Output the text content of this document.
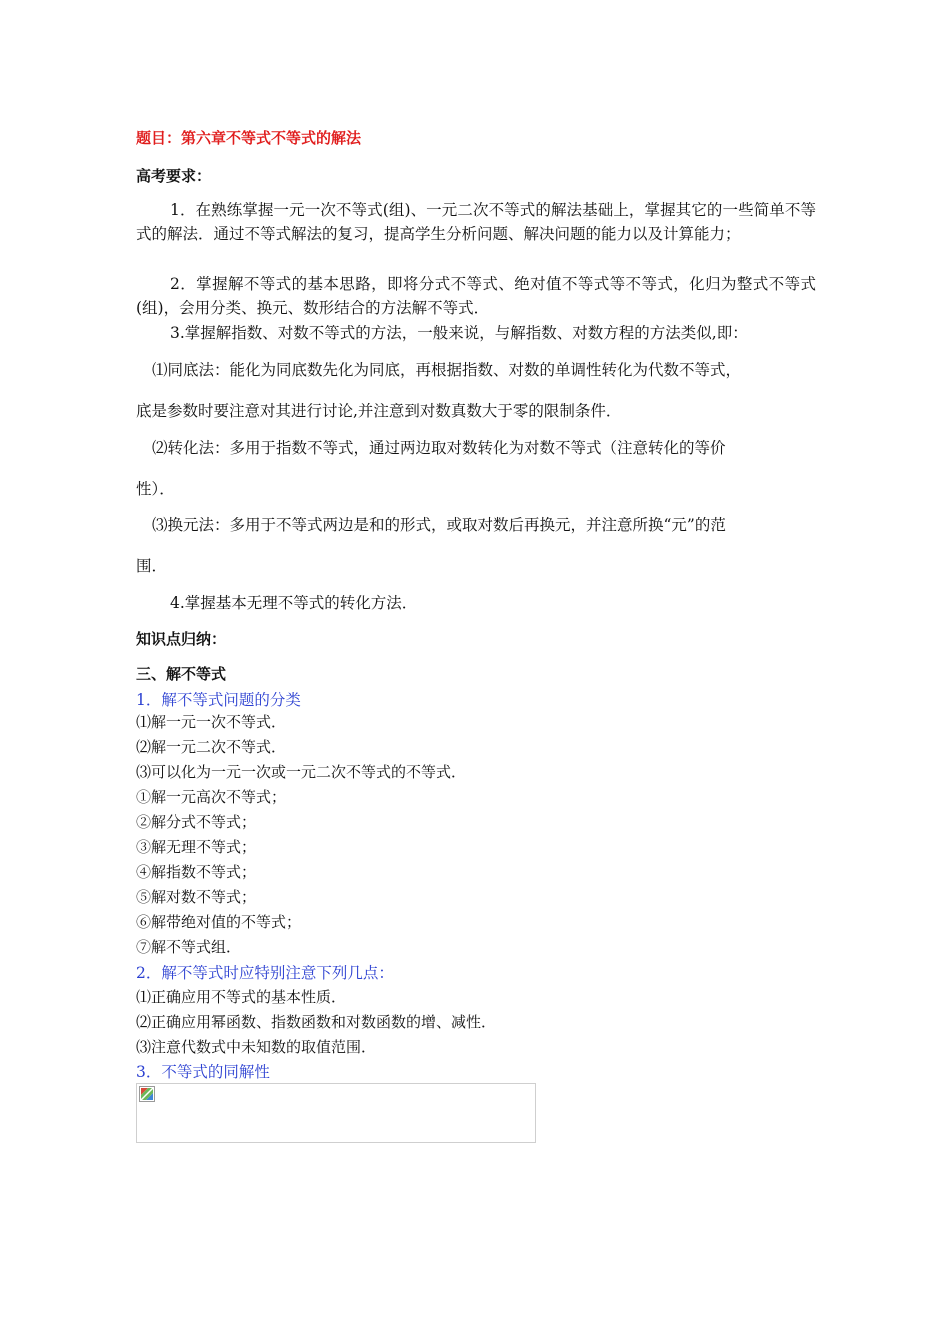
题目：第六章不等式不等式的解法
高考要求：

1．在熟练掌握一元一次不等式(组)、一元二次不等式的解法基础上，掌握其它的一些简单不等式的解法．通过不等式解法的复习，提高学生分析问题、解决问题的能力以及计算能力；

2．掌握解不等式的基本思路，即将分式不等式、绝对值不等式等不等式，化归为整式不等式(组)，会用分类、换元、数形结合的方法解不等式．

3.掌握解指数、对数不等式的方法，一般来说，与解指数、对数方程的方法类似,即：

⑴同底法：能化为同底数先化为同底，再根据指数、对数的单调性转化为代数不等式，
底是参数时要注意对其进行讨论,并注意到对数真数大于零的限制条件．
⑵转化法：多用于指数不等式，通过两边取对数转化为对数不等式（注意转化的等价
性）．
⑶换元法：多用于不等式两边是和的形式，或取对数后再换元，并注意所换“元”的范
围．
4.掌握基本无理不等式的转化方法．
知识点归纳：
三、解不等式
1．解不等式问题的分类
⑴解一元一次不等式．
⑵解一元二次不等式．
⑶可以化为一元一次或一元二次不等式的不等式．
①解一元高次不等式；
②解分式不等式；
③解无理不等式；
④解指数不等式；
⑤解对数不等式；
⑥解带绝对值的不等式；
⑦解不等式组．
2．解不等式时应特别注意下列几点：
⑴正确应用不等式的基本性质．
⑵正确应用幂函数、指数函数和对数函数的增、减性．
⑶注意代数式中未知数的取值范围．
3．不等式的同解性
